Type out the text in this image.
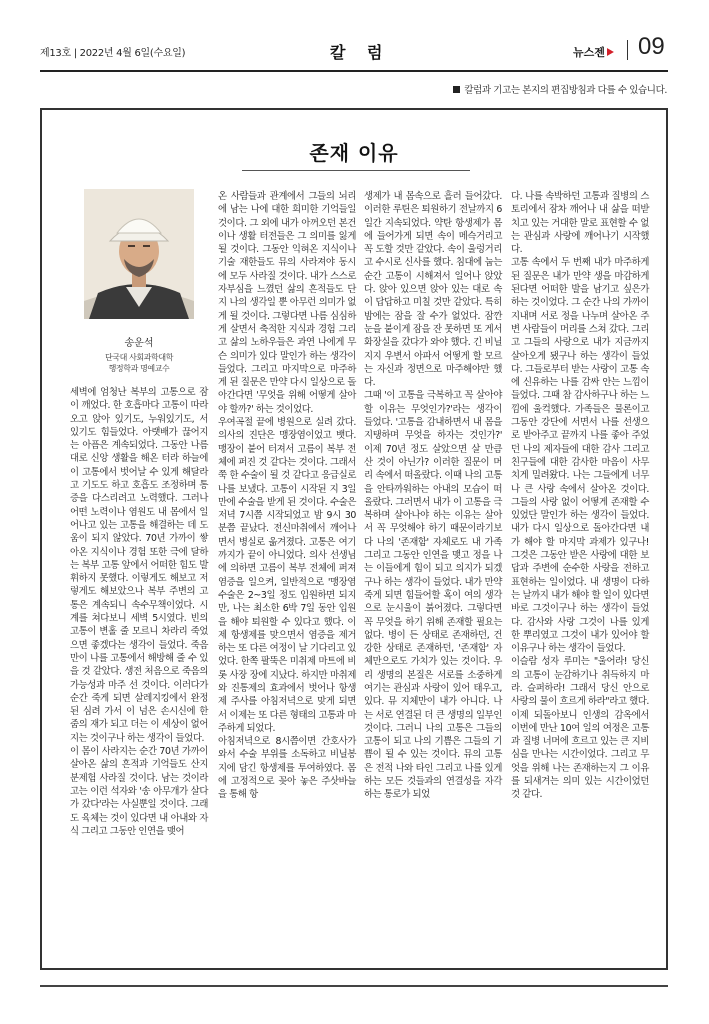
제13호 | 2022년 4월 6일(수요일)	칼 럼	뉴스젠	09
칼럼과 기고는 본지의 편집방침과 다를 수 있습니다.
존재 이유
송운석
단국대 사회과학대학
행정학과 명예교수
세벽에 엄청난 복부의 고통으로 잠이 깨었다. 한 호흡마다 고통이 따라오고 앉아 있기도, 누워있기도, 서 있기도 힘들었다. 아랫배가 끊어지는 아픔은 계속되었다. 그동안 나름대로 신앙 생활을 해온 터라 하늘에 이 고통에서 벗어날 수 있게 해달라고 기도도 하고 호흡도 조정하며 통증을 다스리려고 노력했다. 그러나 어떤 노력이나 염원도 내 몸에서 일어나고 있는 고통을 해결하는 데 도움이 되지 않았다. 70년 가까이 쌓아온 지식이나 경험 또한 극에 달하는 복부 고통 앞에서 어떠한 힘도 발휘하지 못했다. 이렇게도 해보고 저렇게도 해보았으나 복부 주변의 고통은 계속되니 속수무책이었다. 시계를 쳐다보니 세벽 5시였다. 빈의 고통이 변홀 줄 모르니 차라리 죽었으면 좋겠다는 생각이 들었다. 죽음만이 나를 고통에서 해방해 줄 수 있을 것 같았다. 생전 처음으로 죽음의 가능성과 마주 선 것이다. 이러다가 순간 죽게 되면 살레지킹에서 완정된 심려 가서 이 넘은 손시신에 한 줌의 재가 되고 더는 이 세상이 없어지는 것이구나 하는 생각이 들었다.
이 몸이 사라지는 순간 70년 가까이 살아온 삶의 흔적과 기억들도 산지분제험 사라질 것이다. 남는 것이라고는 이런 석자와 '송 아무개가 살다가 갔다'라는 사실뿐일 것이다. 그래도 육체는 것이 있다면 내 아내와 자식 그리고 그동안 인연을 맺어
온 사람들과 관계에서 그들의 뇌리에 남는 나에 대한 희미한 기억들일 것이다. 그 외에 내가 아꺼오던 본건이나 생활 터전들은 그 의미를 잃게 될 것이다. 그동안 익혀온 지식이나 기술 재한들도 뮤의 사라져야 동시에 모두 사라질 것이다. 내가 스스로 자부심을 느꼈던 삶의 흔적들도 단지 나의 생각일 뿐 아무런 의미가 없게 될 것이다. 그렇다면 나름 심심하게 살면서 축적한 지식과 경험 그리고 삶의 노하우들은 과연 나에게 무슨 의미가 있다 말인가 하는 생각이 들었다. 그리고 마지막으로 마주하게 된 질문은 만약 다시 일상으로 돌아간다면 '무엇을 위해 어떻게 살아야 할까?' 하는 것이었다.
우여곡절 끝에 병원으로 실려 갔다. 의사의 진단은 맹장염이었고 뱃다. 맹장이 붙어 터져서 고름이 복부 전체에 퍼진 것 같다는 것이다. 그래서 쭉 한 수술이 될 것 같다고 응급실로 나를 보냈다. 고통이 시작된 지 3일 만에 수술을 받게 된 것이다. 수술은 저녁 7시쯤 시작되었고 밤 9시 30분쯤 끝났다. 전신마취에서 깨어나면서 병실로 옮겨졌다. 고통은 여기까지가 끝이 아니었다. 의사 선생님에 의하면 고름이 복부 전체에 퍼져 염증을 일으켜, 일반적으로 '맹장염 수술은 2~3일 정도 입원하면 되지만, 나는 최소한 6박 7일 동안 입원을 해야 퇴원할 수 있다고 했다. 이제 항생제를 맞으면서 염증을 제거하는 또 다른 여정이 날 기다리고 있었다. 한쪽 팔뚝은 미취제 마트에 비롯 사장 장에 지났다. 하지만 마취제와 진통제의 효과에서 벗어나 항생제 주사를 아침저녁으로 맞게 되면서 이제는 또 다른 형태의 고통과 마주하게 되었다.
아침저녁으로 8시쯤이면 간호사가 와서 수술 부위를 소독하고 비닐봉지에 담긴 항생제를 투여하였다. 몸에 고정적으로 꽂아 놓은 주삿바늘을 통해 항
생제가 내 몸속으로 흘러 들어갔다. 이러한 루틴은 퇴원하기 전날까지 6일간 지속되었다. 약탄 항생제가 몸에 들어가게 되면 속이 메슥거리고 꼭 도할 것만 같았다. 속이 울렁거리고 수시로 신사를 했다. 침대에 눕는 순간 고통이 시해져서 일어나 앉았다. 앉아 있으면 앉아 있는 대로 속이 답답하고 미칠 것만 같았다. 특히 밤에는 잠을 잘 수가 없었다. 잠깐 눈을 붙이게 잠을 잔 못하면 또 게서 화장실을 갔다가 와야 했다. 긴 비닐 지지 우변서 아파서 어떻게 할 모르는 자신과 정면으로 마주해야만 했다.
그때 '이 고통을 극복하고 꼭 살아야 할 이유는 무엇인가?'라는 생각이 들었다. '고통을 감내하면서 내 몸을 지탱하며 무엇을 하자는 것인가?' 이제 70년 정도 살았으면 살 만큼 산 것이 아닌가? 이러한 질문이 머리 속에서 떠올랐다. 이때 나의 고통을 안타까워하는 아내의 모습이 떠올랐다. 그러면서 내가 이 고통을 극복하며 살아나야 하는 이유는 살아서 꼭 무엇해야 하기 때문이라기보다 나의 '존재함' 자체로도 내 가족 그리고 그동안 인연을 맺고 정을 나는 이들에게 힘이 되고 의지가 되겠구나 하는 생각이 들었다. 내가 만약 죽게 되면 힘들어할 혹이 여의 생각으로 눈시울이 붉어졌다. 그렇다면 꼭 무엇을 하기 위해 존재할 필요는 없다. 병이 든 상태로 존재하던, 건강한 상태로 존재하던, '존재함' 자체만으로도 가치가 있는 것이다. 우리 생명의 본질은 서로를 소중하게 여기는 관심과 사랑이 있어 태우고, 있다. 뮤 지체만이 내가 아니다. 나는 서로 연결된 더 큰 생명의 일부인 것이다. 그러니 나의 고통은 그들의 고통이 되고 나의 기쁨은 그들의 기쁨이 될 수 있는 것이다. 뮤의 고통은 전적 나와 타인 그리고 나를 있게 하는 모든 것들과의 연결성을 자각하는 통로가 되었
다. 나를 속박하던 고통과 질병의 스토리에서 잠차 깨어나 내 삶을 떠받치고 있는 거대한 말로 표현할 수 없는 관심과 사랑에 깨어나기 시작했다.
고통 속에서 두 번째 내가 마주하게 된 질문은 내가 만약 생을 마감하게 된다면 어떠한 발을 남기고 싶은가 하는 것이었다. 그 순간 나의 가까이 지내며 서로 정을 나누며 살아온 주변 사람들이 머리를 스쳐 갔다. 그리고 그들의 사랑으로 내가 지금까지 살아오게 됐구나 하는 생각이 들었다. 그들로부터 받는 사랑이 고통 속에 신유하는 나를 감싸 안는 느낌이 들었다. 그때 참 감사하구나 하는 느낌에 울컥했다. 가족들은 물론이고 그동안 강단에 서면서 나를 선생으로 받아주고 끝까지 나를 좋아 주었던 나의 제자들에 대한 감사 그리고 친구들에 대한 감사한 마음이 사무치게 밀려왔다. 나는 그들에게 너무나 큰 사랑 속에서 살아온 것이다. 그들의 사랑 없이 어떻게 존재할 수 있었단 말인가 하는 생각이 들었다. 내가 다시 일상으로 돌아간다면 내가 해야 할 마지막 과제가 있구나! 그것은 그동안 받은 사랑에 대한 보답과 주변에 순수한 사랑을 전하고 표현하는 일이었다. 내 생명이 다하는 날까지 내가 해야 할 일이 있다면 바로 그것이구나 하는 생각이 들었다. 감사와 사랑 그것이 나를 있게 한 뿌리였고 그것이 내가 있어야 할 이유구나 하는 생각이 들었다.
이슬람 성자 루미는 "울어라! 당신의 고통이 눈감하기나 취득하지 마라. 슬퍼하라! 그래서 당신 안으로 사랑의 물이 흐르게 하라"라고 했다. 이제 되돌아보니 인생의 감옥에서 이번에 만난 10여 일의 여정은 고통과 질병 너머에 흐르고 있는 큰 지비심을 만나는 시간이었다. 그리고 무엇을 위해 나는 존재하는지 그 이유를 되새겨는 의미 있는 시간이었던 것 같다.
